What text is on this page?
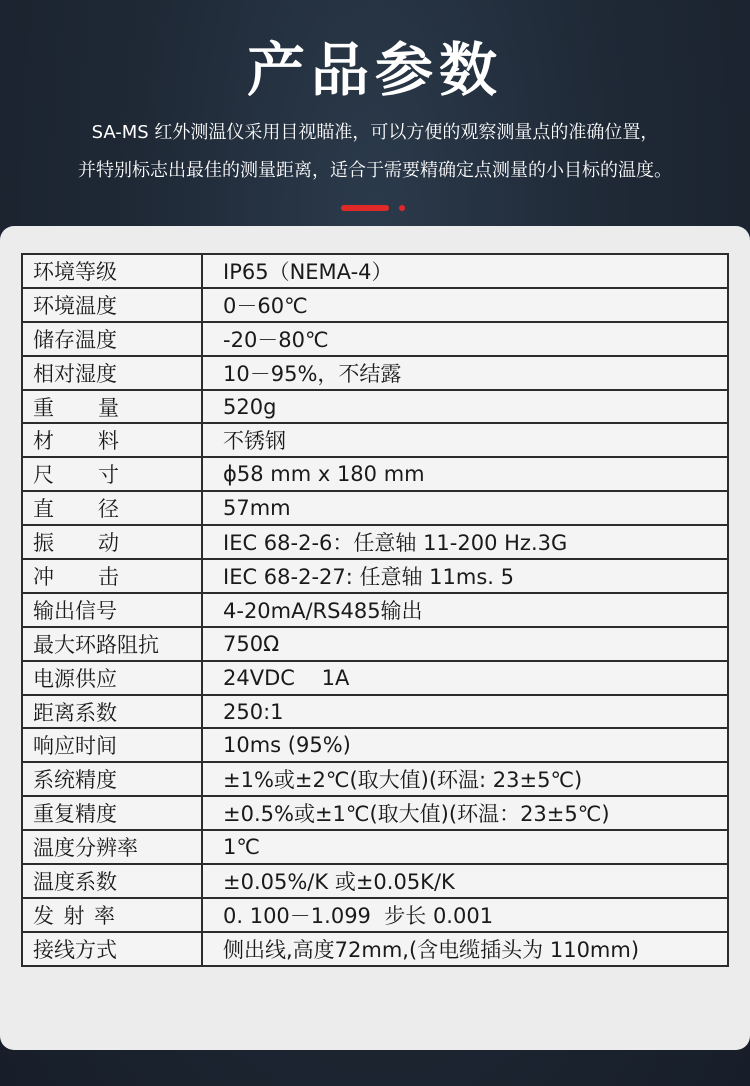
产品参数
SA-MS 红外测温仪采用目视瞄准，可以方便的观察测量点的准确位置，
并特别标志出最佳的测量距离，适合于需要精确定点测量的小目标的温度。
环境等级	IP65（NEMA-4）
环境温度	0－60℃
储存温度	-20－80℃
相对湿度	10－95%，不结露

重 量	520g

材 料	不锈钢

尺 寸	ϕ58 mm x 180 mm

直 径	57mm

振 动	IEC 68-2-6：任意轴 11-200 Hz.3G

冲 击	IEC 68-2-27: 任意轴 11ms. 5
输出信号	4-20mA/RS485输出
最大环路阻抗	750Ω
电源供应	24VDC    1A
距离系数	250:1
响应时间	10ms (95%)
系统精度	±1%或±2℃(取大值)(环温: 23±5℃)
重复精度	±0.5%或±1℃(取大值)(环温：23±5℃)
温度分辨率	1℃
温度系数	±0.05%/K 或±0.05K/K

发 射 率	0. 100－1.099  步长 0.001
接线方式	侧出线,高度72mm,(含电缆插头为 110mm)
